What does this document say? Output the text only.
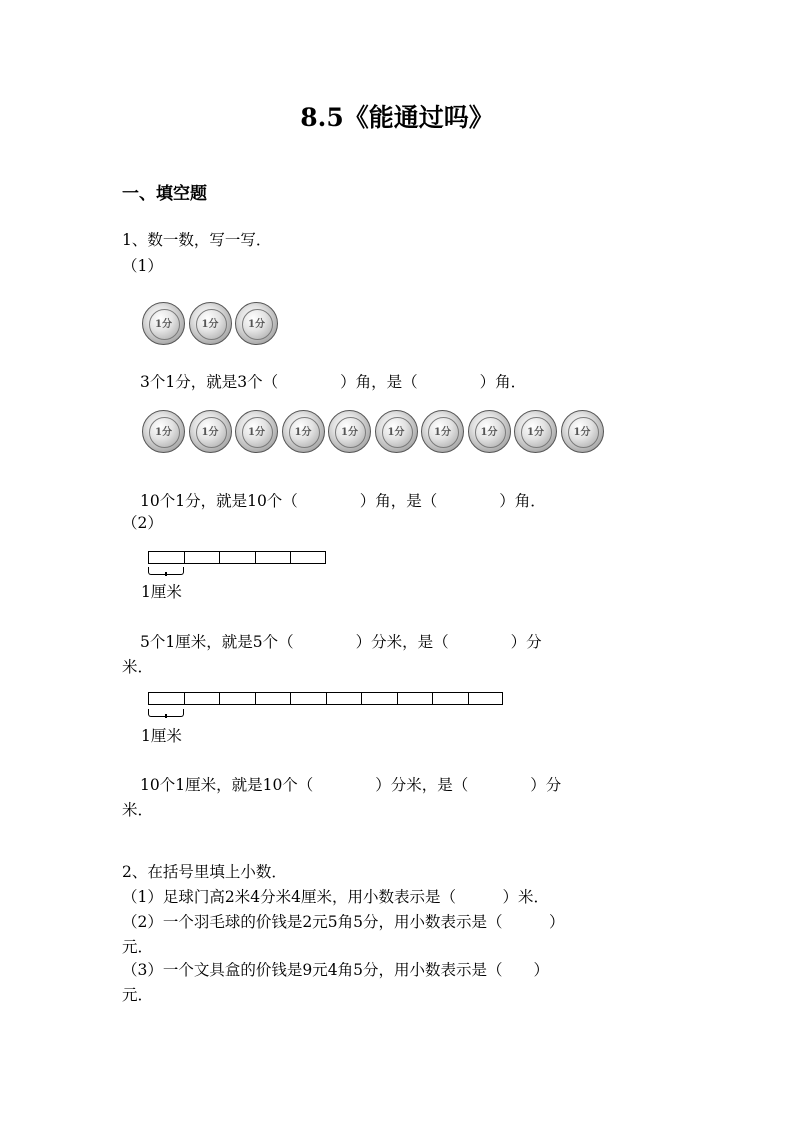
8.5《能通过吗》
一、填空题
1、数一数，写一写．
（1）
1分	1分	1分
3个1分，就是3个（　　　　）角，是（　　　　）角．
1分	1分	1分	1分	1分	1分	1分	1分	1分	1分
10个1分，就是10个（　　　　）角，是（　　　　）角．
（2）
1厘米
5个1厘米，就是5个（　　　　）分米，是（　　　　）分
米．
1厘米
10个1厘米，就是10个（　　　　）分米，是（　　　　）分
米．
2、在括号里填上小数．
（1）足球门高2米4分米4厘米，用小数表示是（　　　）米．
（2）一个羽毛球的价钱是2元5角5分，用小数表示是（　　　）
元．
（3）一个文具盒的价钱是9元4角5分，用小数表示是（　　）
元．
